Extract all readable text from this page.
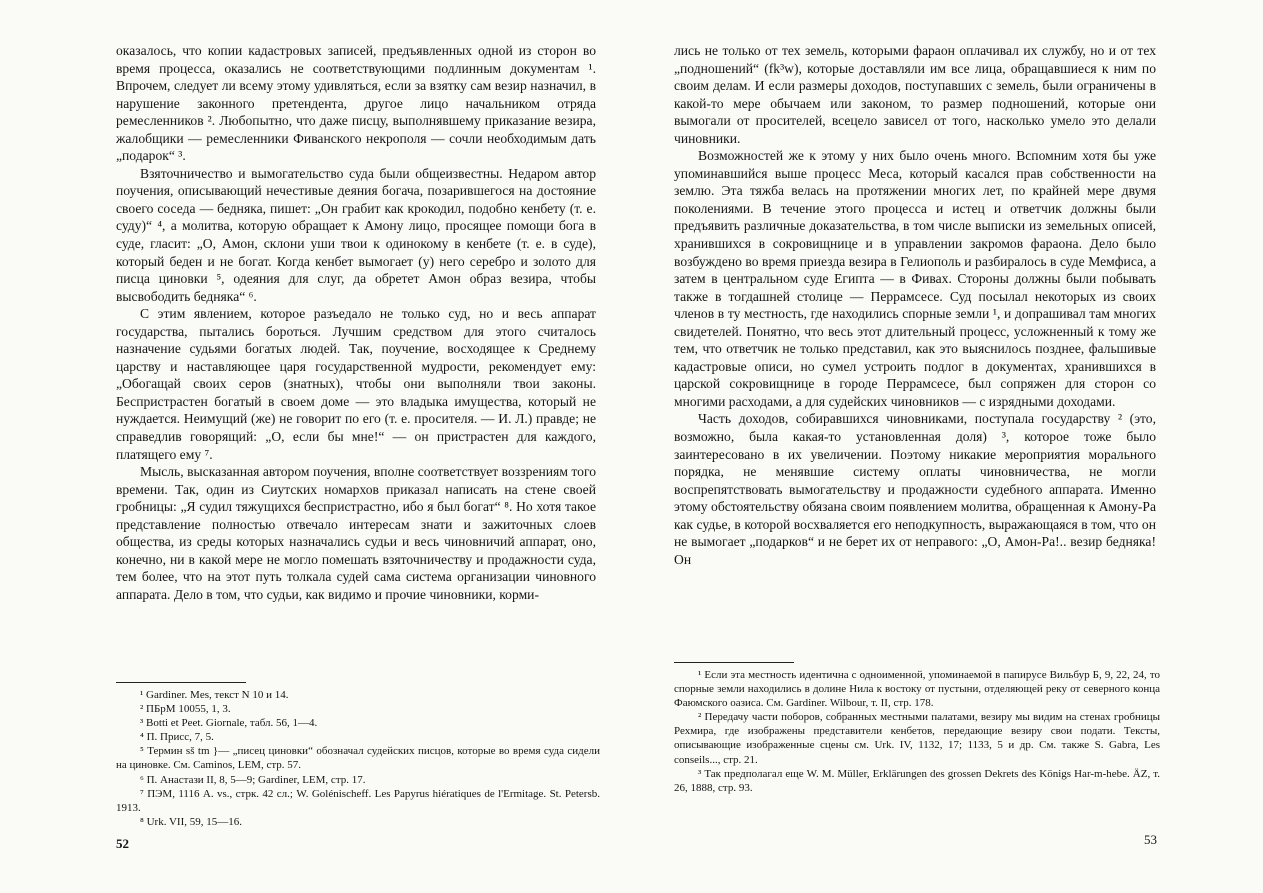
оказалось, что копии кадастровых записей, предъявленных одной из сторон во время процесса, оказались не соответствующими подлинным документам ¹. Впрочем, следует ли всему этому удивляться, если за взятку сам везир назначил, в нарушение законного претендента, другое лицо начальником отряда ремесленников ². Любопытно, что даже писцу, выполнявшему приказание везира, жалобщики — ремесленники Фиванского некрополя — сочли необходимым дать „подарок“ ³.

Взяточничество и вымогательство суда были общеизвестны. Недаром автор поучения, описывающий нечестивые деяния богача, позарившегося на достояние своего соседа — бедняка, пишет: „Он грабит как крокодил, подобно кенбету (т. е. суду)“ ⁴, а молитва, которую обращает к Амону лицо, просящее помощи бога в суде, гласит: „О, Амон, склони уши твои к одинокому в кенбете (т. е. в суде), который беден и не богат. Когда кенбет вымогает (у) него серебро и золото для писца циновки ⁵, одеяния для слуг, да обретет Амон образ везира, чтобы высвободить бедняка“ ⁶.

С этим явлением, которое разъедало не только суд, но и весь аппарат государства, пытались бороться. Лучшим средством для этого считалось назначение судьями богатых людей. Так, поучение, восходящее к Среднему царству и наставляющее царя государственной мудрости, рекомендует ему: „Обогащай своих серов (знатных), чтобы они выполняли твои законы. Беспристрастен богатый в своем доме — это владыка имущества, который не нуждается. Неимущий (же) не говорит по его (т. е. просителя. — И. Л.) правде; не справедлив говорящий: „О, если бы мне!“ — он пристрастен для каждого, платящего ему ⁷.

Мысль, высказанная автором поучения, вполне соответствует воззрениям того времени. Так, один из Сиутских номархов приказал написать на стене своей гробницы: „Я судил тяжущихся беспристрастно, ибо я был богат“ ⁸. Но хотя такое представление полностью отвечало интересам знати и зажиточных слоев общества, из среды которых назначались судьи и весь чиновничий аппарат, оно, конечно, ни в какой мере не могло помешать взяточничеству и продажности суда, тем более, что на этот путь толкала судей сама система организации чиновного аппарата. Дело в том, что судьи, как видимо и прочие чиновники, корми-

¹ Gardiner. Mes, текст N 10 и 14.
² ПБрМ 10055, 1, 3.
³ Botti et Peet. Giornale, табл. 56, 1—4.
⁴ П. Присс, 7, 5.
⁵ Термин sš tm }— „писец циновки“ обозначал судейских писцов, которые во время суда сидели на циновке. См. Caminos, LEM, стр. 57.
⁶ П. Анастази II, 8, 5—9; Gardiner, LEM, стр. 17.
⁷ ПЭМ, 1116 A. vs., стрк. 42 сл.; W. Golénischeff. Les Papyrus hiératiques de l'Ermitage. St. Petersb. 1913.
⁸ Urk. VII, 59, 15—16.
52

лись не только от тех земель, которыми фараон оплачивал их службу, но и от тех „подношений“ (fk³w), которые доставляли им все лица, обращавшиеся к ним по своим делам. И если размеры доходов, поступавших с земель, были ограничены в какой-то мере обычаем или законом, то размер подношений, которые они вымогали от просителей, всецело зависел от того, насколько умело это делали чиновники.

Возможностей же к этому у них было очень много. Вспомним хотя бы уже упоминавшийся выше процесс Меса, который касался прав собственности на землю. Эта тяжба велась на протяжении многих лет, по крайней мере двумя поколениями. В течение этого процесса и истец и ответчик должны были предъявить различные доказательства, в том числе выписки из земельных описей, хранившихся в сокровищнице и в управлении закромов фараона. Дело было возбуждено во время приезда везира в Гелиополь и разбиралось в суде Мемфиса, а затем в центральном суде Египта — в Фивах. Стороны должны были побывать также в тогдашней столице — Перрамсесе. Суд посылал некоторых из своих членов в ту местность, где находились спорные земли ¹, и допрашивал там многих свидетелей. Понятно, что весь этот длительный процесс, усложненный к тому же тем, что ответчик не только представил, как это выяснилось позднее, фальшивые кадастровые описи, но сумел устроить подлог в документах, хранившихся в царской сокровищнице в городе Перрамсесе, был сопряжен для сторон со многими расходами, а для судейских чиновников — с изрядными доходами.

Часть доходов, собиравшихся чиновниками, поступала государству ² (это, возможно, была какая-то установленная доля) ³, которое тоже было заинтересовано в их увеличении. Поэтому никакие мероприятия морального порядка, не менявшие систему оплаты чиновничества, не могли воспрепятствовать вымогательству и продажности судебного аппарата. Именно этому обстоятельству обязана своим появлением молитва, обращенная к Амону-Ра как судье, в которой восхваляется его неподкупность, выражающаяся в том, что он не вымогает „подарков“ и не берет их от неправого: „О, Амон-Ра!.. везир бедняка! Он

¹ Если эта местность идентична с одноименной, упоминаемой в папирусе Вильбур Б, 9, 22, 24, то спорные земли находились в долине Нила к востоку от пустыни, отделяющей реку от северного конца Фаюмского оазиса. См. Gardiner. Wilbour, т. II, стр. 178.
² Передачу части поборов, собранных местными палатами, везиру мы видим на стенах гробницы Рехмира, где изображены представители кенбетов, передающие везиру свои подати. Тексты, описывающие изображенные сцены см. Urk. IV, 1132, 17; 1133, 5 и др. См. также S. Gabra, Les conseils..., стр. 21.
³ Так предполагал еще W. M. Müller, Erklärungen des grossen Dekrets des Königs Har-m-hebe. ÄZ, т. 26, 1888, стр. 93.
53
